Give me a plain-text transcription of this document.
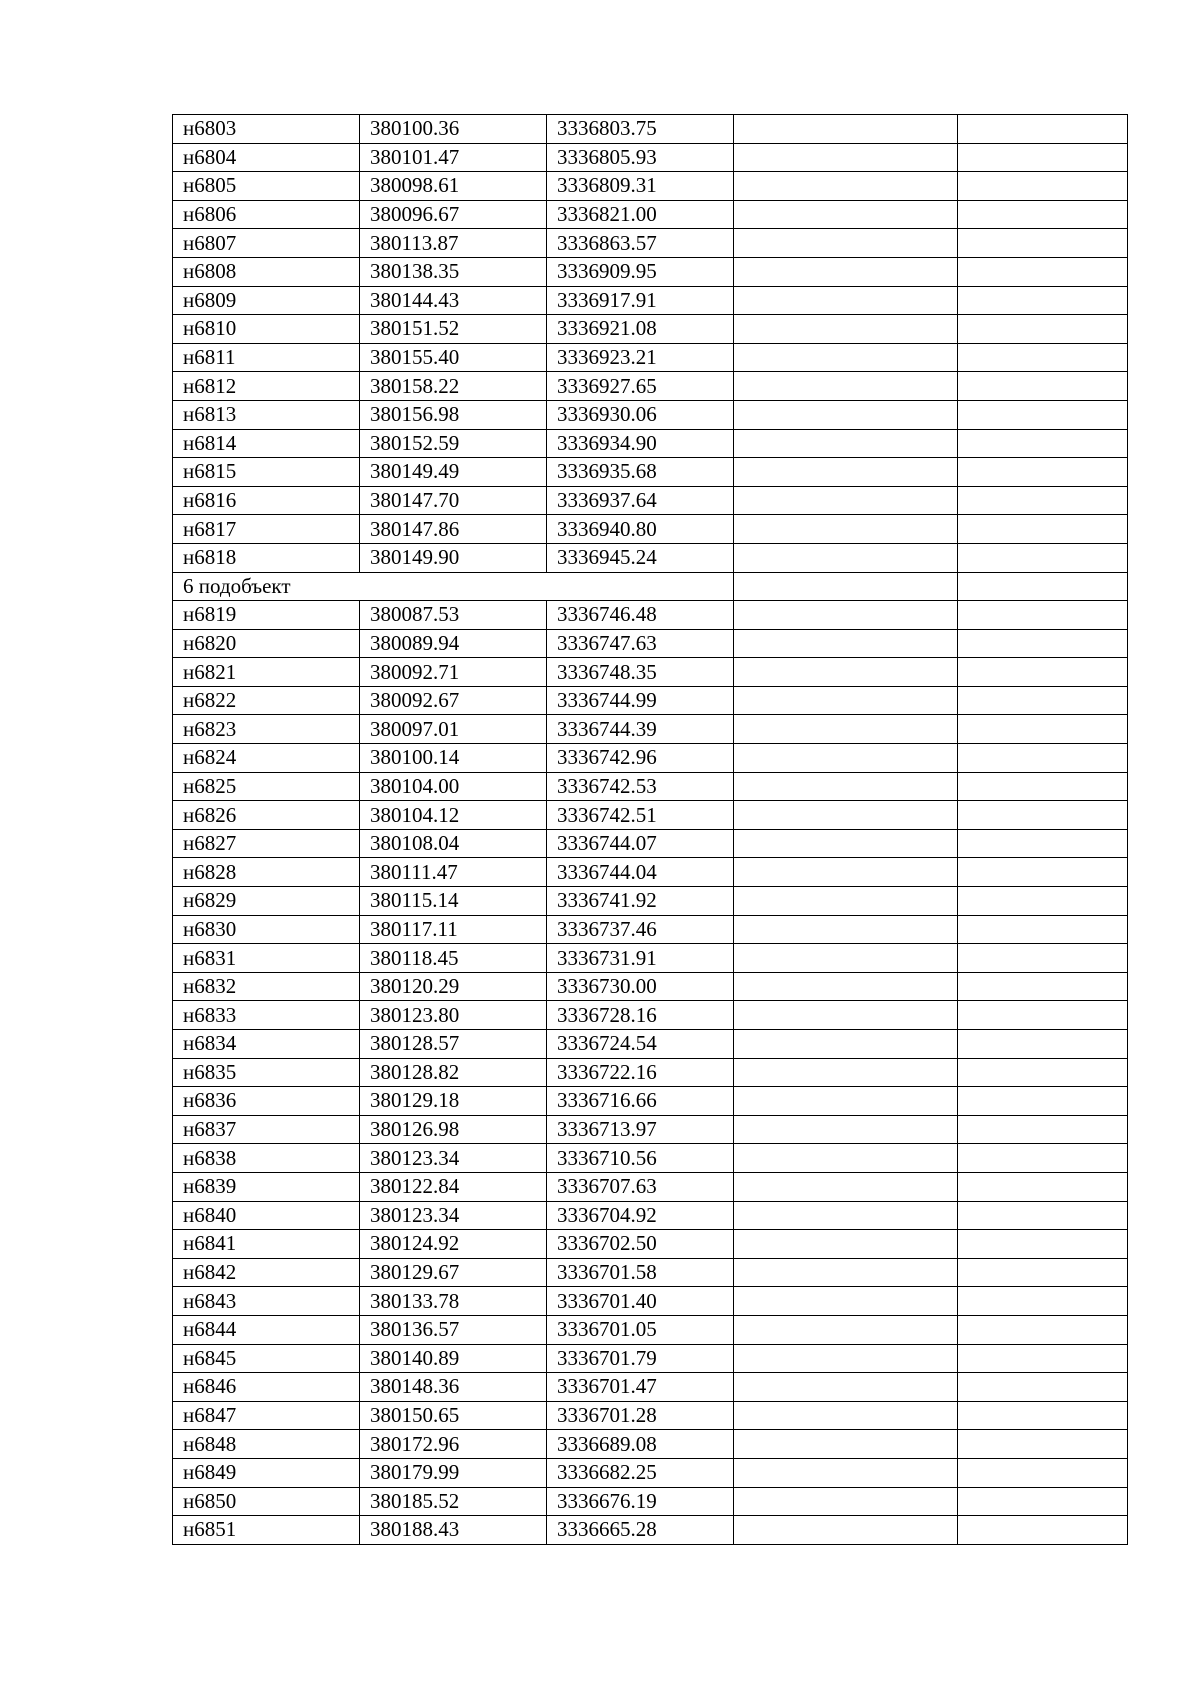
н6803	380100.36	3336803.75		
н6804	380101.47	3336805.93		
н6805	380098.61	3336809.31		
н6806	380096.67	3336821.00		
н6807	380113.87	3336863.57		
н6808	380138.35	3336909.95		
н6809	380144.43	3336917.91		
н6810	380151.52	3336921.08		
н6811	380155.40	3336923.21		
н6812	380158.22	3336927.65		
н6813	380156.98	3336930.06		
н6814	380152.59	3336934.90		
н6815	380149.49	3336935.68		
н6816	380147.70	3336937.64		
н6817	380147.86	3336940.80		
н6818	380149.90	3336945.24		
6 подобъект				
н6819	380087.53	3336746.48		
н6820	380089.94	3336747.63		
н6821	380092.71	3336748.35		
н6822	380092.67	3336744.99		
н6823	380097.01	3336744.39		
н6824	380100.14	3336742.96		
н6825	380104.00	3336742.53		
н6826	380104.12	3336742.51		
н6827	380108.04	3336744.07		
н6828	380111.47	3336744.04		
н6829	380115.14	3336741.92		
н6830	380117.11	3336737.46		
н6831	380118.45	3336731.91		
н6832	380120.29	3336730.00		
н6833	380123.80	3336728.16		
н6834	380128.57	3336724.54		
н6835	380128.82	3336722.16		
н6836	380129.18	3336716.66		
н6837	380126.98	3336713.97		
н6838	380123.34	3336710.56		
н6839	380122.84	3336707.63		
н6840	380123.34	3336704.92		
н6841	380124.92	3336702.50		
н6842	380129.67	3336701.58		
н6843	380133.78	3336701.40		
н6844	380136.57	3336701.05		
н6845	380140.89	3336701.79		
н6846	380148.36	3336701.47		
н6847	380150.65	3336701.28		
н6848	380172.96	3336689.08		
н6849	380179.99	3336682.25		
н6850	380185.52	3336676.19		
н6851	380188.43	3336665.28		
